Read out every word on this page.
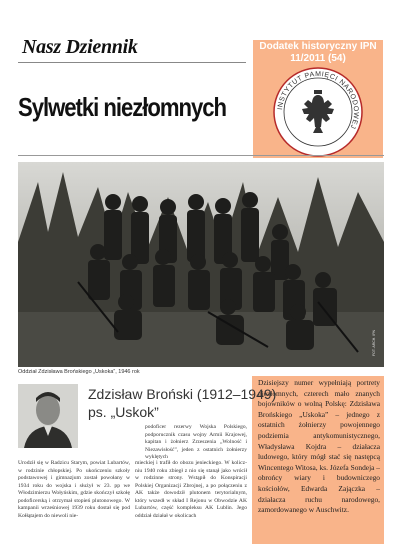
Nasz Dziennik	Dodatek historyczny IPN
11/2011 (54)
INSTYTUT PAMIĘCI NARODOWEJ
Sylwetki niezłomnych
Oddział Zdzisława Brońskiego „Uskoka”, 1946 rok
FOT. ARCH. IPN
Dzisiejszy numer wypełniają portrety niezłomnych, czterech mało znanych bojowników o wolną Polskę: Zdzisława Brońskiego „Uskoka” – jednego z ostatnich żołnierzy powojennego podziemia antykomunistycznego, Władysława Kojdra – działacza ludowego, który mógł stać się następcą Wincentego Witosa, ks. Józefa Sondeja – obrońcy wiary i budowniczego kościołów, Edwarda Zajączka – działacza ruchu narodowego, zamordowanego w Auschwitz.
Zdzisław Broński (1912–1949)
ps. „Uskok”
podoficer rezerwy Wojska Polskiego, podporucznik czasu wojny Armii Krajowej, kapitan i żołnierz Zrzeszenia „Wolność i Niezawisłość”, jeden z ostatnich żołnierzy wyklętych
Urodził się w Radzicu Starym, powiat Lubartów, w rodzinie chłopskiej. Po ukończeniu szkoły podstawowej i gimnazjum został powołany w 1934 roku do wojska i służył w 23. pp we Włodzimierzu Wołyńskim, gdzie skończył szkołę podoficerską i otrzymał stopień plutonowego. W kampanii wrześniowej 1939 roku dostał się pod Kołłątajem do niewoli nie-
mieckiej i trafił do obozu jenieckiego. W kolicz- niu 1940 roku zbiegł z nio się stanął jako wrócił w rodzinne strony. Wstąpił do Konspiracji Polskiej Organizacji Zbrojnej, a po połączeniu z AK także dowodził plutonem terytorialnym, który wszedł w skład I Rejonu w Obwodzie AK Lubartów, część kompleksu AK Lublin. Jego oddział działał w okolicach
